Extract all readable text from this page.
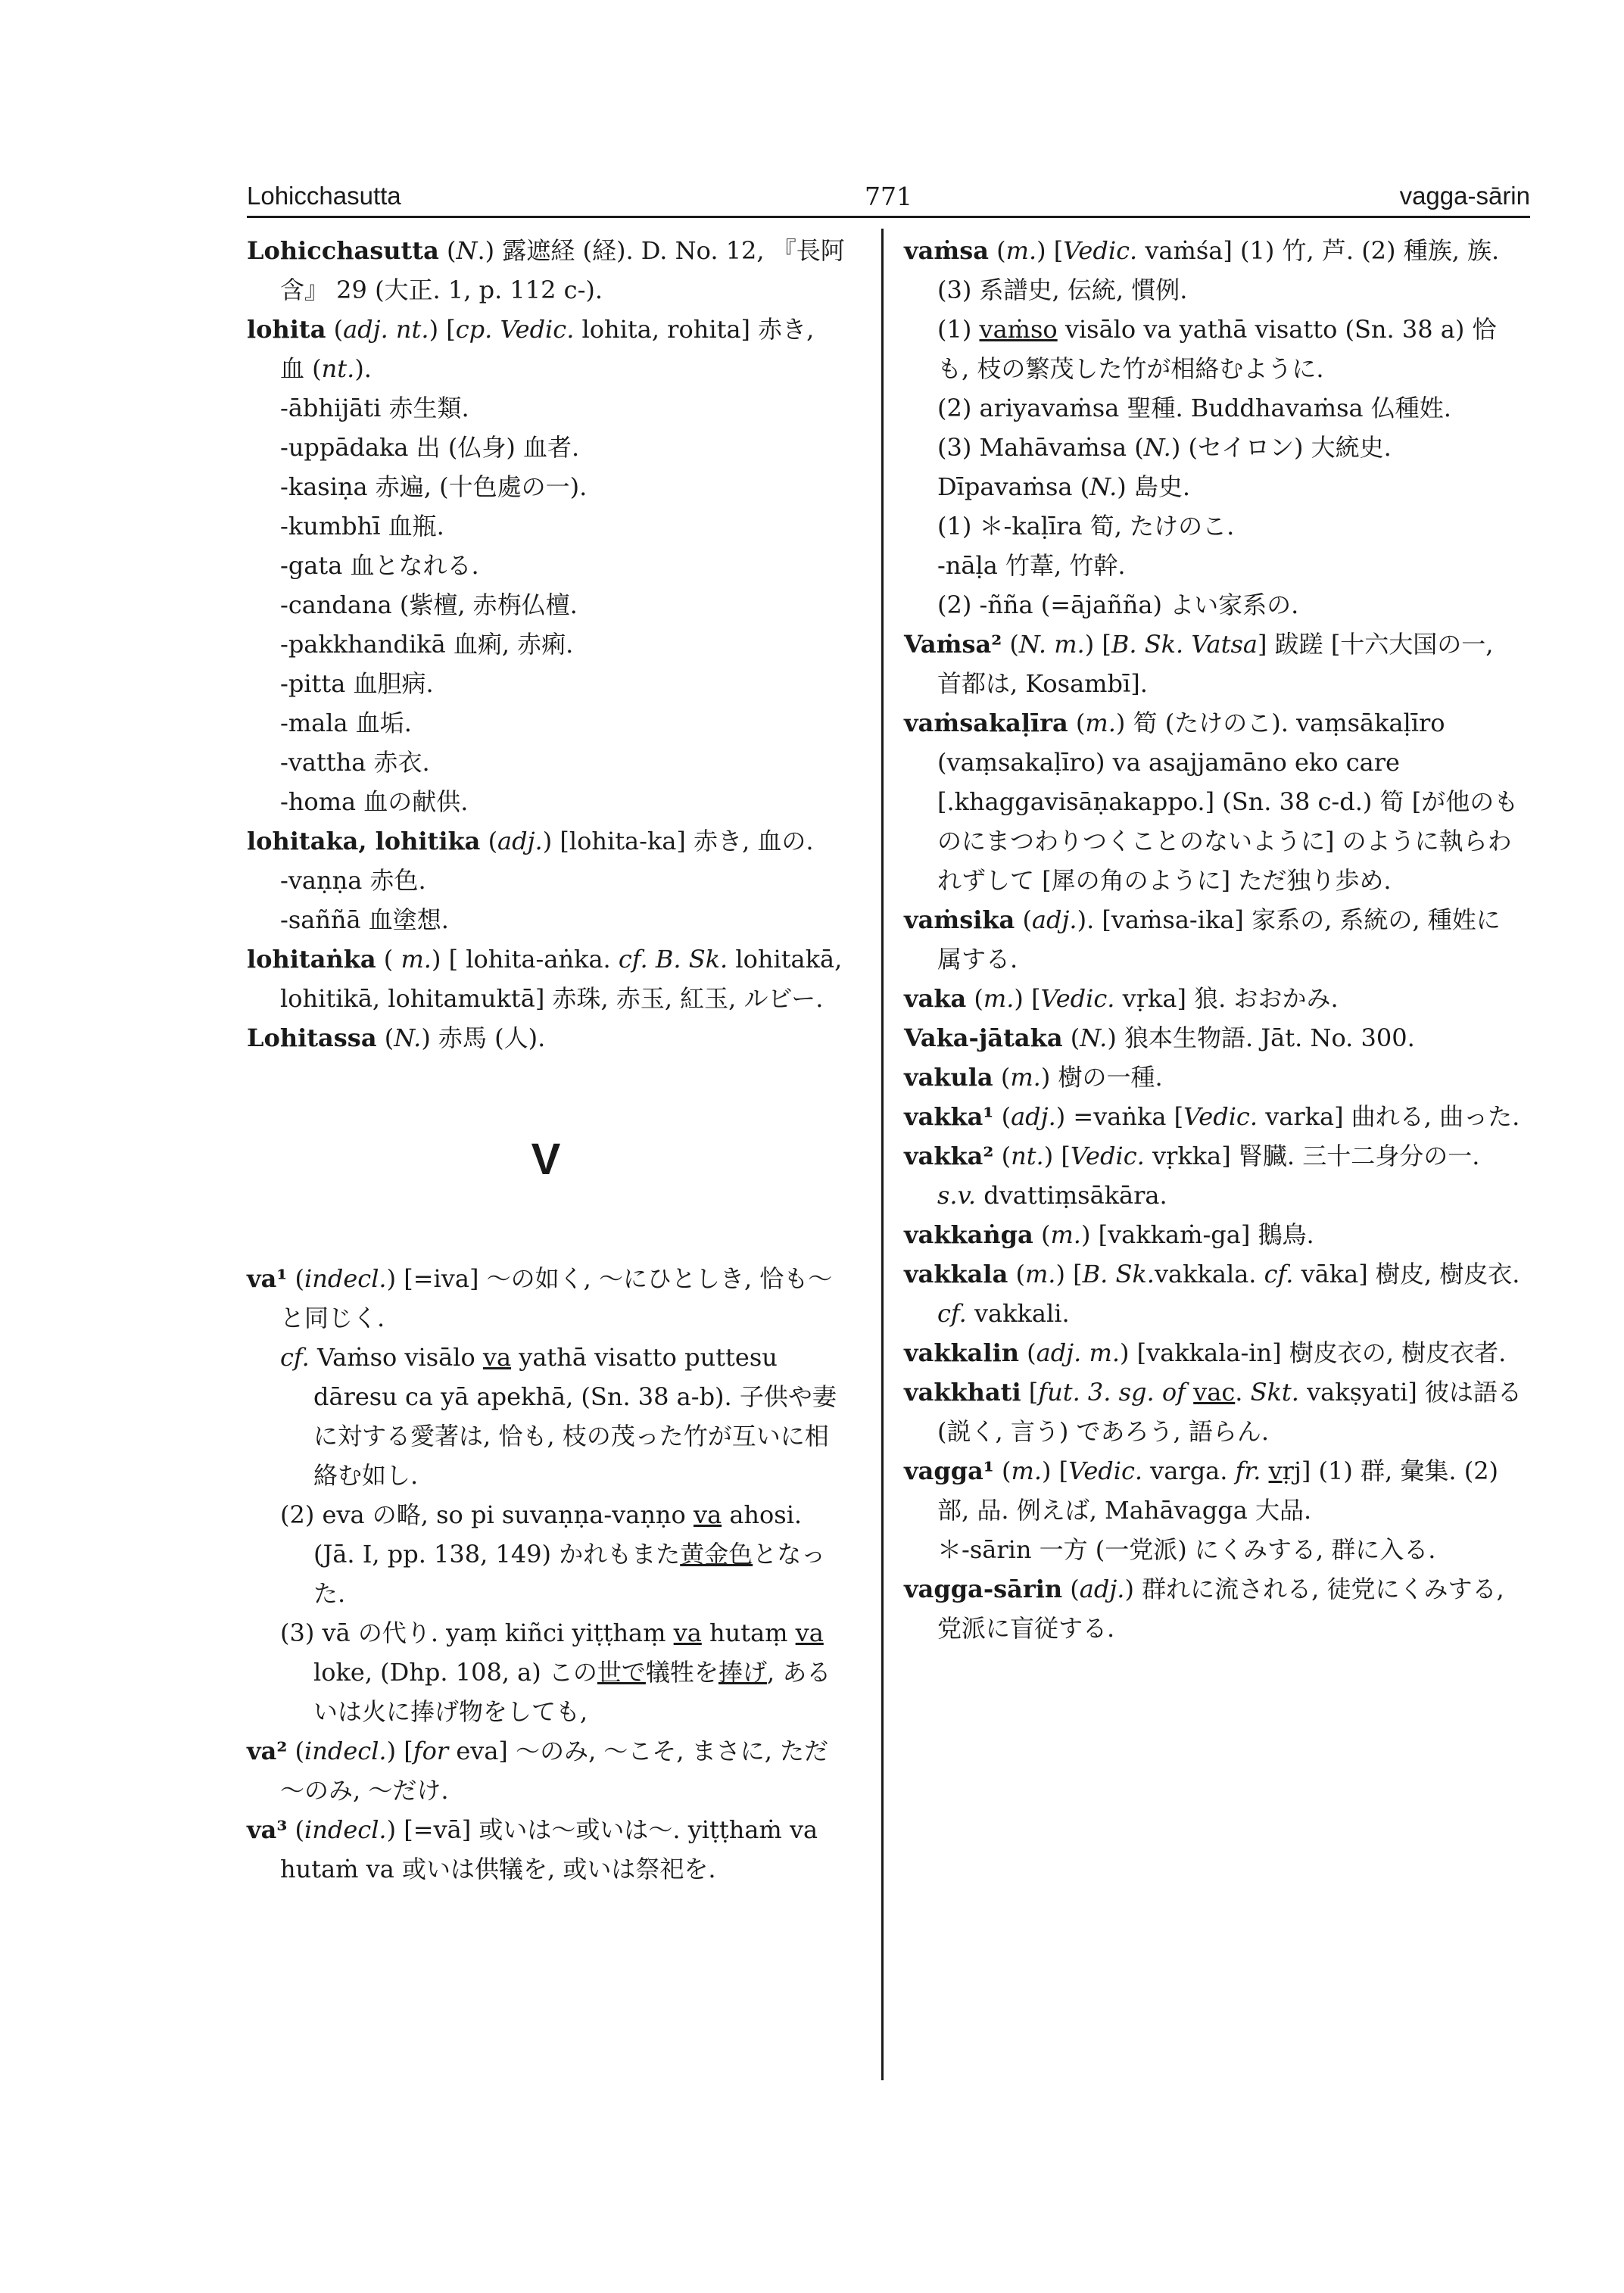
Lohicchasutta	771	vagga-sārin
Lohicchasutta (N.) 露遮経 (経). D. No. 12, 『長阿含』 29 (大正. 1, p. 112 c-).
lohita (adj. nt.) [cp. Vedic. lohita, rohita] 赤き, 血 (nt.).
-ābhijāti 赤生類.
-uppādaka 出 (仏身) 血者.
-kasiṇa 赤遍, (十色處の一).
-kumbhī 血瓶.
-gata 血となれる.
-candana (紫檀, 赤栴仏檀.
-pakkhandikā 血痢, 赤痢.
-pitta 血胆病.
-mala 血垢.
-vattha 赤衣.
-homa 血の献供.
lohitaka, lohitika (adj.) [lohita-ka] 赤き, 血の.
-vaṇṇa 赤色.
-saññā 血塗想.
lohitaṅka ( m.) [ lohita-aṅka. cf. B. Sk. lohitakā, lohitikā, lohitamuktā] 赤珠, 赤玉, 紅玉, ルビー.
Lohitassa (N.) 赤馬 (人).
V
va¹ (indecl.) [=iva] ～の如く, ～にひとしき, 恰も～と同じく.
cf. Vaṁso visālo va yathā visatto puttesu dāresu ca yā apekhā, (Sn. 38 a-b). 子供や妻に対する愛著は, 恰も, 枝の茂った竹が互いに相絡む如し.
(2) eva の略, so pi suvaṇṇa-vaṇṇo va ahosi. (Jā. I, pp. 138, 149) かれもまた黄金色となった.
(3) vā の代り. yaṃ kiñci yiṭṭhaṃ va hutaṃ va loke, (Dhp. 108, a) この世で犠牲を捧げ, あるいは火に捧げ物をしても,
va² (indecl.) [for eva] ～のみ, ～こそ, まさに, ただ～のみ, ～だけ.
va³ (indecl.) [=vā] 或いは～或いは～. yiṭṭhaṁ va hutaṁ va 或いは供犠を, 或いは祭祀を.
vaṁsa (m.) [Vedic. vaṁśa] (1) 竹, 芦. (2) 種族, 族. (3) 系譜史, 伝統, 慣例.
(1) vaṁso visālo va yathā visatto (Sn. 38 a) 恰も, 枝の繁茂した竹が相絡むように.
(2) ariyavaṁsa 聖種. Buddhavaṁsa 仏種姓.
(3) Mahāvaṁsa (N.) (セイロン) 大統史. Dīpavaṁsa (N.) 島史.
(1) ＊-kaḷīra 筍, たけのこ.
-nāḷa 竹葦, 竹幹.
(2) -ñña (=ājañña) よい家系の.
Vaṁsa² (N. m.) [B. Sk. Vatsa] 跋蹉 [十六大国の一, 首都は, Kosambī].
vaṁsakaḷīra (m.) 筍 (たけのこ). vaṃsākaḷīro (vaṃsakaḷīro) va asajjamāno eko care [.khaggavisāṇakappo.] (Sn. 38 c-d.) 筍 [が他のものにまつわりつくことのないように] のように執らわれずして [犀の角のように] ただ独り歩め.
vaṁsika (adj.). [vaṁsa-ika] 家系の, 系統の, 種姓に属する.
vaka (m.) [Vedic. vṛka] 狼. おおかみ.
Vaka-jātaka (N.) 狼本生物語. Jāt. No. 300.
vakula (m.) 樹の一種.
vakka¹ (adj.) =vaṅka [Vedic. varka] 曲れる, 曲った.
vakka² (nt.) [Vedic. vṛkka] 腎臓. 三十二身分の一.
s.v. dvattiṃsākāra.
vakkaṅga (m.) [vakkaṁ-ga] 鵝鳥.
vakkala (m.) [B. Sk.vakkala. cf. vāka] 樹皮, 樹皮衣. cf. vakkali.
vakkalin (adj. m.) [vakkala-in] 樹皮衣の, 樹皮衣者.
vakkhati [fut. 3. sg. of vac. Skt. vakṣyati] 彼は語る (説く, 言う) であろう, 語らん.
vagga¹ (m.) [Vedic. varga. fr. vṛj] (1) 群, 彙集. (2) 部, 品. 例えば, Mahāvagga 大品.
＊-sārin 一方 (一党派) にくみする, 群に入る.
vagga-sārin (adj.) 群れに流される, 徒党にくみする, 党派に盲従する.
